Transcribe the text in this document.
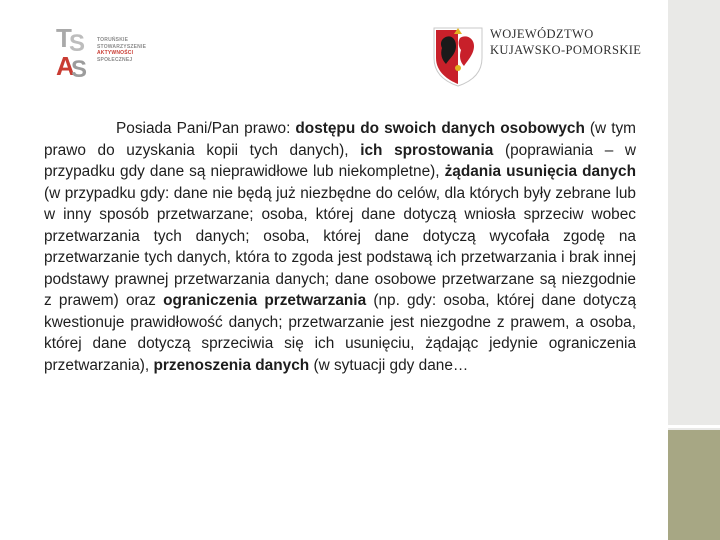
T
S
A
S
TORUŃSKIE
STOWARZYSZENIE
AKTYWNOŚCI
SPOŁECZNEJ
WOJEWÓDZTWO
KUJAWSKO-POMORSKIE
Posiada Pani/Pan prawo: dostępu do swoich danych osobowych (w tym prawo do uzyskania kopii tych danych), ich sprostowania (poprawiania – w przypadku gdy dane są nieprawidłowe lub niekompletne), żądania usunięcia danych (w przypadku gdy: dane nie będą już niezbędne do celów, dla których były zebrane lub w inny sposób przetwarzane; osoba, której dane dotyczą wniosła sprzeciw wobec przetwarzania tych danych; osoba, której dane dotyczą wycofała zgodę na przetwarzanie tych danych, która to zgoda jest podstawą ich przetwarzania i brak innej podstawy prawnej przetwarzania danych; dane osobowe przetwarzane są niezgodnie z prawem) oraz ograniczenia przetwarzania (np. gdy: osoba, której dane dotyczą kwestionuje prawidłowość danych; przetwarzanie jest niezgodne z prawem, a osoba, której dane dotyczą sprzeciwia się ich usunięciu, żądając jedynie ograniczenia przetwarzania), przenoszenia danych (w sytuacji gdy dane…
